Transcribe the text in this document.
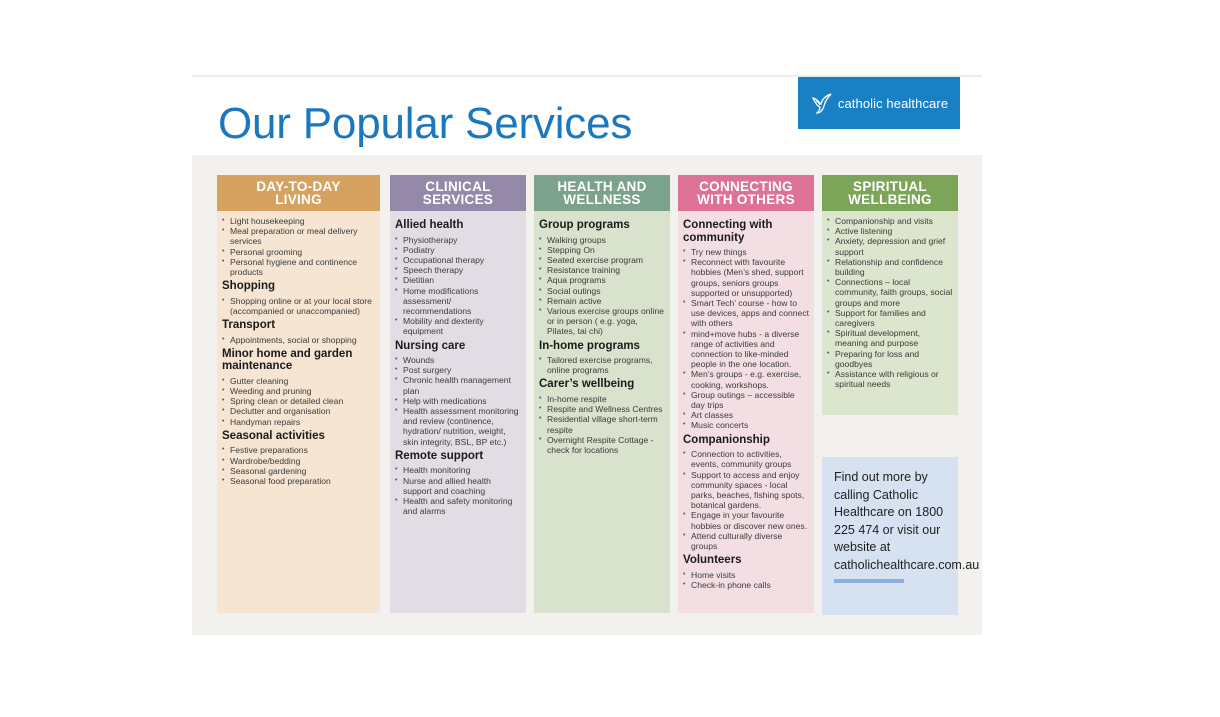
Our Popular Services	catholic healthcare
DAY-TO-DAY
LIVING
• Light housekeeping
• Meal preparation or meal delivery services
• Personal grooming
• Personal hygiene and continence products
Shopping
• Shopping online or at your local store (accompanied or unaccompanied)
Transport
• Appointments, social or shopping
Minor home and garden maintenance
• Gutter cleaning
• Weeding and pruning
• Spring clean or detailed clean
• Declutter and organisation
• Handyman repairs
Seasonal activities
• Festive preparations
• Wardrobe/bedding
• Seasonal gardening
• Seasonal food preparation
CLINICAL
SERVICES
Allied health
• Physiotherapy
• Podiatry
• Occupational therapy
• Speech therapy
• Dietitian
• Home modifications assessment/ recommendations
• Mobility and dexterity equipment
Nursing care
• Wounds
• Post surgery
• Chronic health management plan
• Help with medications
• Health assessment monitoring and review (continence, hydration/ nutrition, weight, skin integrity, BSL, BP etc.)
Remote support
• Health monitoring
• Nurse and allied health support and coaching
• Health and safety monitoring and alarms
HEALTH AND
WELLNESS
Group programs
• Walking groups
• Stepping On
• Seated exercise program
• Resistance training
• Aqua programs
• Social outings
• Remain active
• Various exercise groups online or in person ( e.g. yoga, Pilates, tai chi)
In-home programs
• Tailored exercise programs, online programs
Carer’s wellbeing
• In-home respite
• Respite and Wellness Centres
• Residential village short-term respite
• Overnight Respite Cottage - check for locations
CONNECTING
WITH OTHERS
Connecting with community
• Try new things
• Reconnect with favourite hobbies (Men’s shed, support groups, seniors groups supported or unsupported)
• Smart Tech’ course - how to use devices, apps and connect with others
• mind+move hubs - a diverse range of activities and connection to like-minded people in the one location.
• Men’s groups - e.g. exercise, cooking, workshops.
• Group outings – accessible day trips
• Art classes
• Music concerts
Companionship
• Connection to activities, events, community groups
• Support to access and enjoy community spaces - local parks, beaches, fishing spots, botanical gardens.
• Engage in your favourite hobbies or discover new ones.
• Attend culturally diverse groups
Volunteers
• Home visits
• Check-in phone calls
SPIRITUAL
WELLBEING
• Companionship and visits
• Active listening
• Anxiety, depression and grief support
• Relationship and confidence building
• Connections – local community, faith groups, social groups and more
• Support for families and caregivers
• Spiritual development, meaning and purpose
• Preparing for loss and goodbyes
• Assistance with religious or spiritual needs

Find out more by calling Catholic Healthcare on 1800 225 474 or visit our website at catholichealthcare.com.au
